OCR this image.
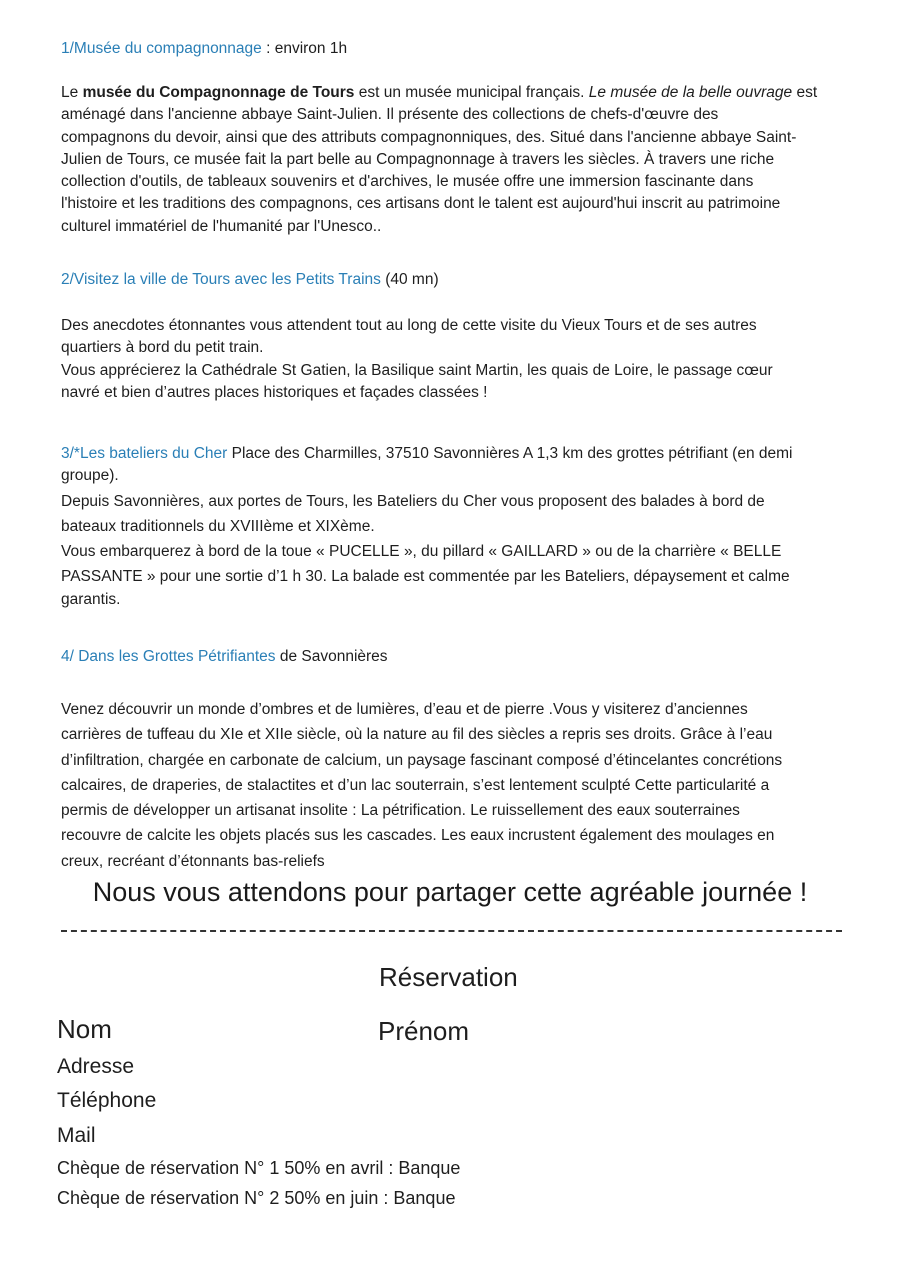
1/Musée du compagnonnage : environ 1h
Le musée du Compagnonnage de Tours est un musée municipal français. Le musée de la belle ouvrage est
aménagé dans l'ancienne abbaye Saint-Julien. Il présente des collections de chefs-d'œuvre des
compagnons du devoir, ainsi que des attributs compagnonniques, des. Situé dans l'ancienne abbaye Saint-
Julien de Tours, ce musée fait la part belle au Compagnonnage à travers les siècles. À travers une riche
collection d'outils, de tableaux souvenirs et d'archives, le musée offre une immersion fascinante dans
l'histoire et les traditions des compagnons, ces artisans dont le talent est aujourd'hui inscrit au patrimoine
culturel immatériel de l'humanité par l'Unesco..
2/Visitez la ville de Tours avec les Petits Trains (40 mn)
Des anecdotes étonnantes vous attendent tout au long de cette visite du Vieux Tours et de ses autres
quartiers à bord du petit train.
Vous apprécierez la Cathédrale St Gatien, la Basilique saint Martin, les quais de Loire, le passage cœur
navré et bien d’autres places historiques et façades classées !
3/*Les bateliers du Cher Place des Charmilles, 37510 Savonnières A 1,3 km des grottes pétrifiant (en demi
groupe).
Depuis Savonnières, aux portes de Tours, les Bateliers du Cher vous proposent des balades à bord de
bateaux traditionnels du XVIIIème et XIXème.
Vous embarquerez à bord de la toue « PUCELLE », du pillard « GAILLARD » ou de la charrière « BELLE
PASSANTE » pour une sortie d’1 h 30. La balade est commentée par les Bateliers, dépaysement et calme
garantis.
4/ Dans les Grottes Pétrifiantes de Savonnières
Venez découvrir un monde d’ombres et de lumières, d’eau et de pierre .Vous y visiterez d’anciennes
carrières de tuffeau du XIe et XIIe siècle, où la nature au fil des siècles a repris ses droits. Grâce à l’eau
d’infiltration, chargée en carbonate de calcium, un paysage fascinant composé d’étincelantes concrétions
calcaires, de draperies, de stalactites et d’un lac souterrain, s’est lentement sculpté Cette particularité a
permis de développer un artisanat insolite : La pétrification. Le ruissellement des eaux souterraines
recouvre de calcite les objets placés sus les cascades. Les eaux incrustent également des moulages en
creux, recréant d’étonnants bas-reliefs
Nous vous attendons pour partager cette agréable journée !
Réservation
Nom	Prénom
Adresse
Téléphone
Mail
Chèque de réservation N° 1 50% en avril : Banque
Chèque de réservation N° 2 50% en juin : Banque
